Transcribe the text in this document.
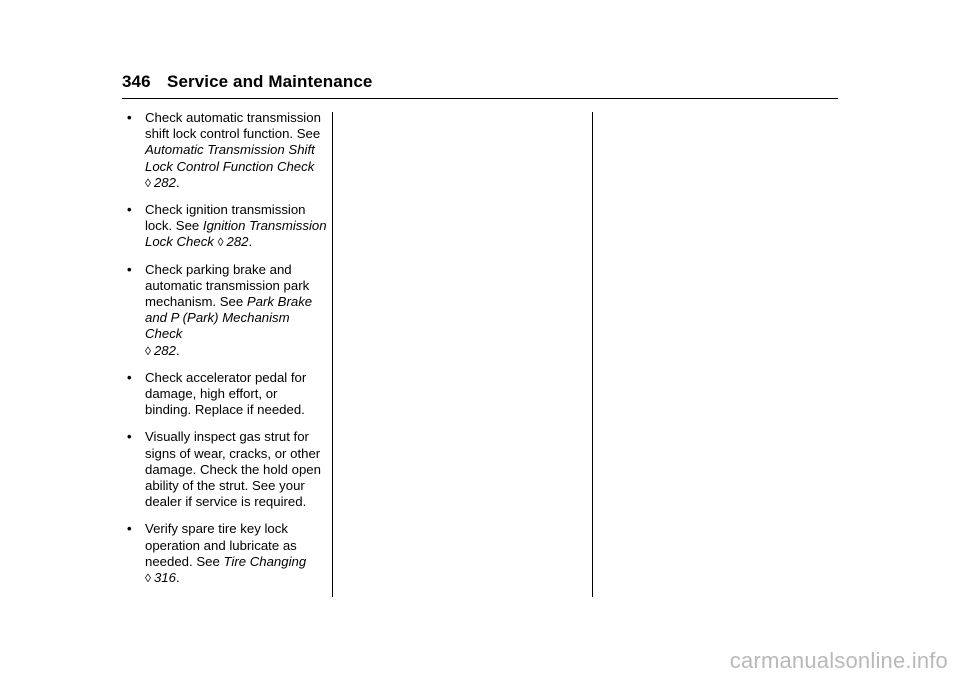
346 Service and Maintenance
• Check automatic transmission shift lock control function. See Automatic Transmission Shift Lock Control Function Check
◊ 282.
• Check ignition transmission lock. See Ignition Transmission Lock Check ◊ 282.
• Check parking brake and automatic transmission park mechanism. See Park Brake and P (Park) Mechanism Check
◊ 282.
• Check accelerator pedal for damage, high effort, or binding. Replace if needed.
• Visually inspect gas strut for signs of wear, cracks, or other damage. Check the hold open ability of the strut. See your dealer if service is required.
• Verify spare tire key lock operation and lubricate as needed. See Tire Changing
◊ 316.
carmanualsonline.info
